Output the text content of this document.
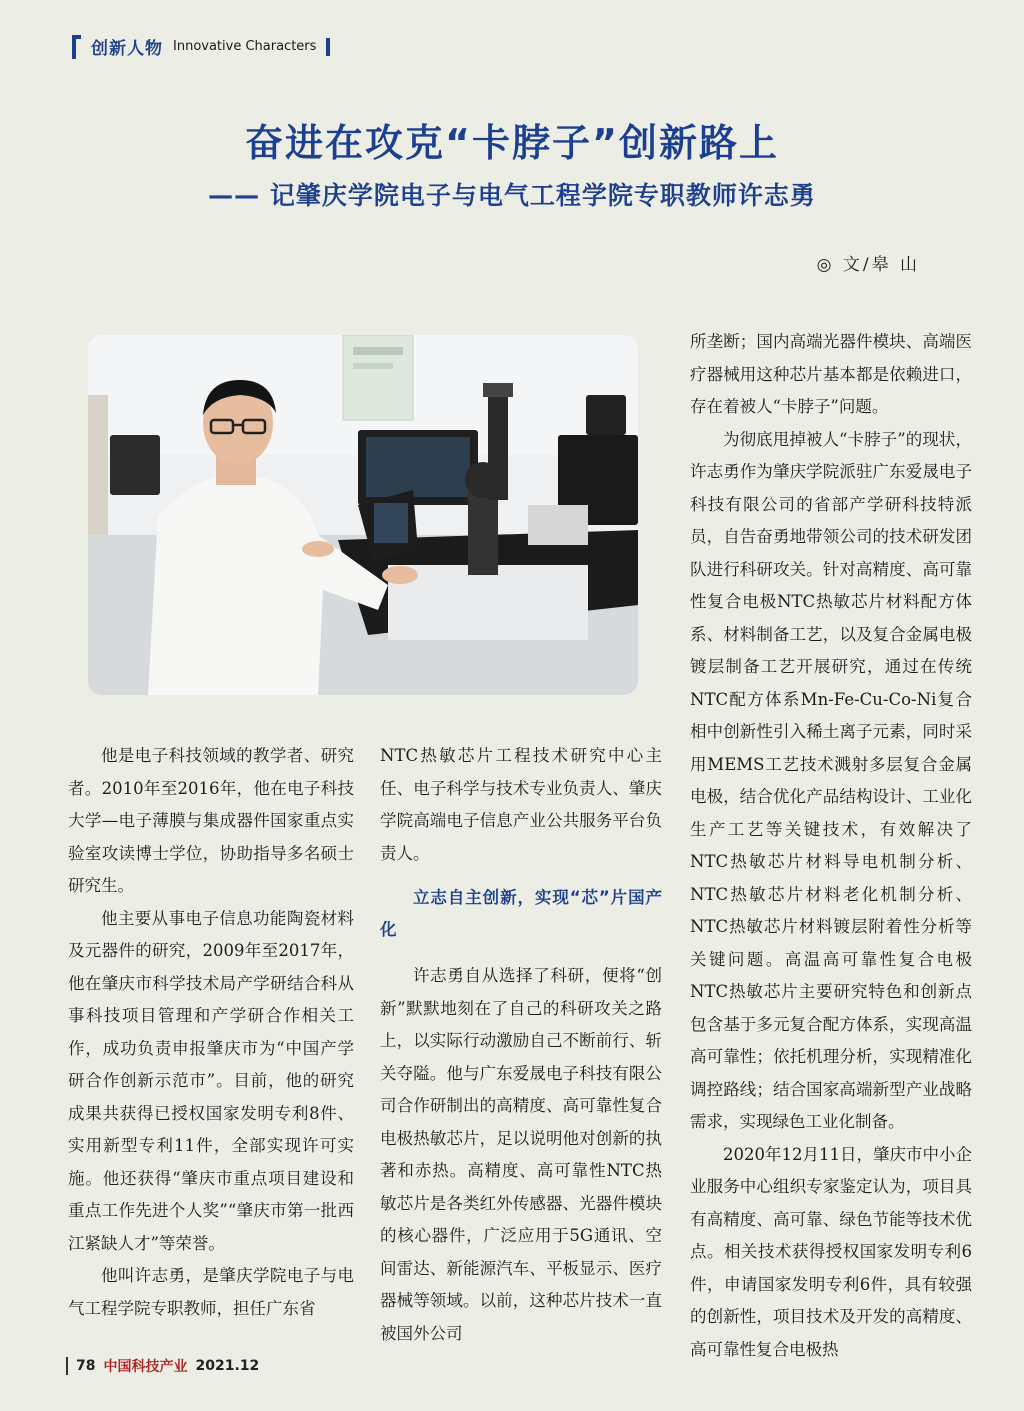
创新人物 Innovative Characters
奋进在攻克“卡脖子”创新路上
—— 记肇庆学院电子与电气工程学院专职教师许志勇
◎ 文/皋 山

他是电子科技领域的教学者、研究者。2010年至2016年，他在电子科技大学—电子薄膜与集成器件国家重点实验室攻读博士学位，协助指导多名硕士研究生。

他主要从事电子信息功能陶瓷材料及元器件的研究，2009年至2017年，他在肇庆市科学技术局产学研结合科从事科技项目管理和产学研合作相关工作，成功负责申报肇庆市为“中国产学研合作创新示范市”。目前，他的研究成果共获得已授权国家发明专利8件、实用新型专利11件，全部实现许可实施。他还获得“肇庆市重点项目建设和重点工作先进个人奖”“肇庆市第一批西江紧缺人才”等荣誉。

他叫许志勇，是肇庆学院电子与电气工程学院专职教师，担任广东省

NTC热敏芯片工程技术研究中心主任、电子科学与技术专业负责人、肇庆学院高端电子信息产业公共服务平台负责人。

立志自主创新，实现“芯”片国产化

许志勇自从选择了科研，便将“创新”默默地刻在了自己的科研攻关之路上，以实际行动激励自己不断前行、斩关夺隘。他与广东爱晟电子科技有限公司合作研制出的高精度、高可靠性复合电极热敏芯片，足以说明他对创新的执著和赤热。高精度、高可靠性NTC热敏芯片是各类红外传感器、光器件模块的核心器件，广泛应用于5G通讯、空间雷达、新能源汽车、平板显示、医疗器械等领域。以前，这种芯片技术一直被国外公司

所垄断；国内高端光器件模块、高端医疗器械用这种芯片基本都是依赖进口，存在着被人“卡脖子”问题。

为彻底甩掉被人“卡脖子”的现状，许志勇作为肇庆学院派驻广东爱晟电子科技有限公司的省部产学研科技特派员，自告奋勇地带领公司的技术研发团队进行科研攻关。针对高精度、高可靠性复合电极NTC热敏芯片材料配方体系、材料制备工艺，以及复合金属电极镀层制备工艺开展研究，通过在传统NTC配方体系Mn-Fe-Cu-Co-Ni复合相中创新性引入稀土离子元素，同时采用MEMS工艺技术溅射多层复合金属电极，结合优化产品结构设计、工业化生产工艺等关键技术，有效解决了NTC热敏芯片材料导电机制分析、NTC热敏芯片材料老化机制分析、NTC热敏芯片材料镀层附着性分析等关键问题。高温高可靠性复合电极NTC热敏芯片主要研究特色和创新点包含基于多元复合配方体系，实现高温高可靠性；依托机理分析，实现精准化调控路线；结合国家高端新型产业战略需求，实现绿色工业化制备。

2020年12月11日，肇庆市中小企业服务中心组织专家鉴定认为，项目具有高精度、高可靠、绿色节能等技术优点。相关技术获得授权国家发明专利6件，申请国家发明专利6件，具有较强的创新性，项目技术及开发的高精度、高可靠性复合电极热

78 中国科技产业 2021.12
